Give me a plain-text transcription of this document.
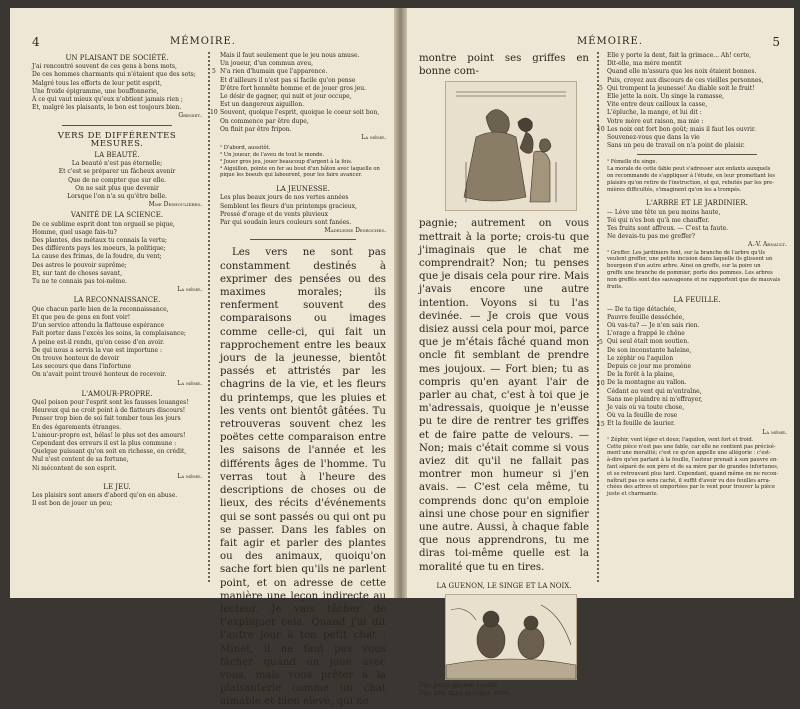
4	MÉMOIRE.
UN PLAISANT DE SOCIÉTÉ.

J'ai rencontré souvent de ces gens à bons mots,

De ces hommes charmants qui n'étaient que des sots;

Malgré tous les efforts de leur petit esprit,

Une froide épigramme, une bouffonnerie,

À ce qui vaut mieux qu'eux n'obtient jamais rien ;

Et, malgré les plaisants, le bon est toujours bien.

Gresset.

VERS DE DIFFÉRENTES MESURES.
LA BEAUTÉ.

La beauté n'est pas éternelle;

Et c'est se préparer un fâcheux avenir

Que de ne compter que sur elle.

On ne sait plus que devenir

Lorsque l'on n'a su qu'être belle.

Mme Deshoulières.

VANITÉ DE LA SCIENCE.

De ce sublime esprit dont ton orgueil se pique,

Homme, quel usage fais-tu?

Des plantes, des métaux tu connais la vertu;

Des différents pays les moeurs, la politique;

La cause des frimas, de la foudre, du vent;

Des astres le pouvoir suprême;

Et, sur tant de choses savant,

Tu ne te connais pas toi-même.

La même.

LA RECONNAISSANCE.

Que chacun parle bien de la reconnaissance,

Et que peu de gens en font voir!

D'un service attendu la flatteuse espérance

Fait porter dans l'excès les soins, la complaisance;

À peine est-il rendu, qu'on cesse d'en avoir.

De qui nous a servis la vue est importune :

On trouve honteux de devoir

Les secours que dans l'infortune

On n'avait point trouvé honteux de recevoir.

La même.

L'AMOUR-PROPRE.

Quel poison pour l'esprit sont les fausses louanges!

Heureux qui ne croit point à de flatteurs discours!

Penser trop bien de soi fait tomber tous les jours

En des égarements étranges.

L'amour-propre est, hélas! le plus sot des amours!

Cependant des erreurs il est la plus commune :

Quelque puissant qu'on soit en richesse, en crédit,

Nul n'est content de sa fortune,

Ni mécontent de son esprit.

La même.

LE JEU.

Les plaisirs sont amers d'abord qu'on en abuse.

Il est bon de jouer un peu;

Mais il faut seulement que le jeu nous amuse.

Un joueur, d'un commun aveu,

N'a rien d'humain que l'apparence.

Et d'ailleurs il n'est pas si facile qu'on pense

D'être fort honnête homme et de jouer gros jeu.

Le désir de gagner, qui nuit et jour occupe,

Est un dangereux aiguillon.

Souvent, quoique l'esprit, quoique le coeur soit bon,

On commence par être dupe,

On finit par être fripon.

5
10

La même.

¹ D'abord, aussitôt.

² Un joueur, de l'aveu de tout le monde.

³ Jouer gros jeu, jouer beaucoup d'argent à la fois.

⁴ Aiguillon, pointe en fer au bout d'un bâton avec laquelle on

pique les boeufs qui labourent, pour les faire avancer.

LA JEUNESSE.

Les plus beaux jours de nos vertes années

Semblent les fleurs d'un printemps gracieux,

Pressé d'orage et de vents pluvieux

Par qui soudain leurs couleurs sont fanées.

Madeleine Desroches.

Les vers ne sont pas constamment destinés à exprimer des pensées ou des maximes morales; ils renferment souvent des comparaisons ou images comme celle-ci, qui fait un rapprochement entre les beaux jours de la jeunesse, bientôt passés et attristés par les chagrins de la vie, et les fleurs du printemps, que les pluies et les vents ont bientôt gâtées. Tu retrouveras souvent chez les poëtes cette comparaison entre les saisons de l'année et les différents âges de l'homme. Tu verras tout à l'heure des descriptions de choses ou de lieux, des récits d'événements qui se sont passés ou qui ont pu se passer. Dans les fables on fait agir et parler des plantes ou des animaux, quoiqu'on sache fort bien qu'ils ne parlent point, et on adresse de cette manière une leçon indirecte au lecteur. Je vais tâcher de t'expliquer cela. Quand j'ai dit l'autre jour à ton petit chat : Minet, il ne faut pas vous fâcher quand on joue avec vous, mais vous prêter à la plaisanterie comme un chat aimable et bien élevé, qui ne

MÉMOIRE.	5

montre point ses griffes en bonne com-

pagnie; autrement on vous mettrait à la porte; crois-tu que j'imaginais que le chat me comprendrait? Non; tu penses que je disais cela pour rire. Mais j'avais encore une autre intention. Voyons si tu l'as devinée. — Je crois que vous disiez aussi cela pour moi, parce que je m'étais fâché quand mon oncle fit semblant de prendre mes joujoux. — Fort bien; tu as compris qu'en ayant l'air de parler au chat, c'est à toi que je m'adressais, quoique je n'eusse pu te dire de rentrer tes griffes et de faire patte de velours. — Non; mais c'était comme si vous aviez dit qu'il ne fallait pas montrer mon humeur si j'en avais. — C'est cela même, tu comprends donc qu'on emploie ainsi une chose pour en signifier une autre. Aussi, à chaque fable que nous apprendrons, tu me diras toi-même quelle est la moralité que tu en tires.

LA GUENON, LE SINGE ET LA NOIX.

Une jeune guenon cueillit

Une noix dans sa coque verte;

Elle y porte la dent, fait la grimace... Ah! certe,

Dit-elle, ma mère mentit

Quand elle m'assura que les noix étaient bonnes.

Puis, croyez aux discours de ces vieilles personnes,

Qui trompent la jeunesse! Au diable soit le fruit!

Elle jette la noix. Un singe la ramasse,

Vite entre deux cailloux la casse,

L'épluche, la mange, et lui dit :

Votre mère eut raison, ma mie :

Les noix ont fort bon goût; mais il faut les ouvrir.

Souvenez-vous que dans la vie

Sans un peu de travail on n'a point de plaisir.

5
10

¹ Fémelle du singe.

La morale de cette fable peut s'adresser aux enfants auxquels

on recommande de s'appliquer à l'étude, en leur promettant les

plaisirs qu'on retire de l'instruction, et qui, rebutés par les pre-

mières difficultés, s'imaginent qu'on les a trompés.

L'ARBRE ET LE JARDINIER.

— Lève une tête un peu moins haute,

Toi qui n'es bon qu'à me chauffer.

Tes fruits sont affreux. — C'est ta faute.

Ne devais-tu pas me greffer?

A.-V. Arnault.

¹ Greffer. Les jardiniers font, sur la branche de l'arbre qu'ils

veulent greffer, une petite incision dans laquelle ils glissent un

bourgeon d'un autre arbre. Ainsi on greffe, sur la poire un

greffe une branche de pommier, porte des pommes. Les arbres

non greffés sont des sauvageons et ne rapportent que de mauvais

fruits.

LA FEUILLE.

— De ta tige détachée,

Pauvre feuille desséchée,

Où vas-tu? — Je n'en sais rien.

L'orage a frappé le chêne

Qui seul était mon soutien.

De son inconstante haleine,

Le zéphir ou l'aquilon

Depuis ce jour me promène

De la forêt à la plaine,

De la montagne au vallon.

Cédant au vent qui m'entraîne,

Sans me plaindre ni m'effrayer,

Je vais où va toute chose,

Où va la feuille de rose

Et la feuille de laurier.

5
10
15

La même.

¹ Zéphir, vent léger et doux; l'aquilon, vent fort et froid.

Cette pièce n'est pas une fable, car elle ne contient pas précisé-

ment une moralité; c'est ce qu'on appelle une allégorie : c'est-

à-dire qu'en parlant à la feuille, l'auteur prenait à son pauvre en-

fant séparé de son père et de sa mère par de grandes infortunes,

et se retrouvant plus tard. Cependant, quand même on ne recon-

naîtrait pas ce sens caché, il suffit d'avoir vu des feuilles arra-

chées des arbres et emportées par le vent pour trouver la pièce

juste et charmante.
